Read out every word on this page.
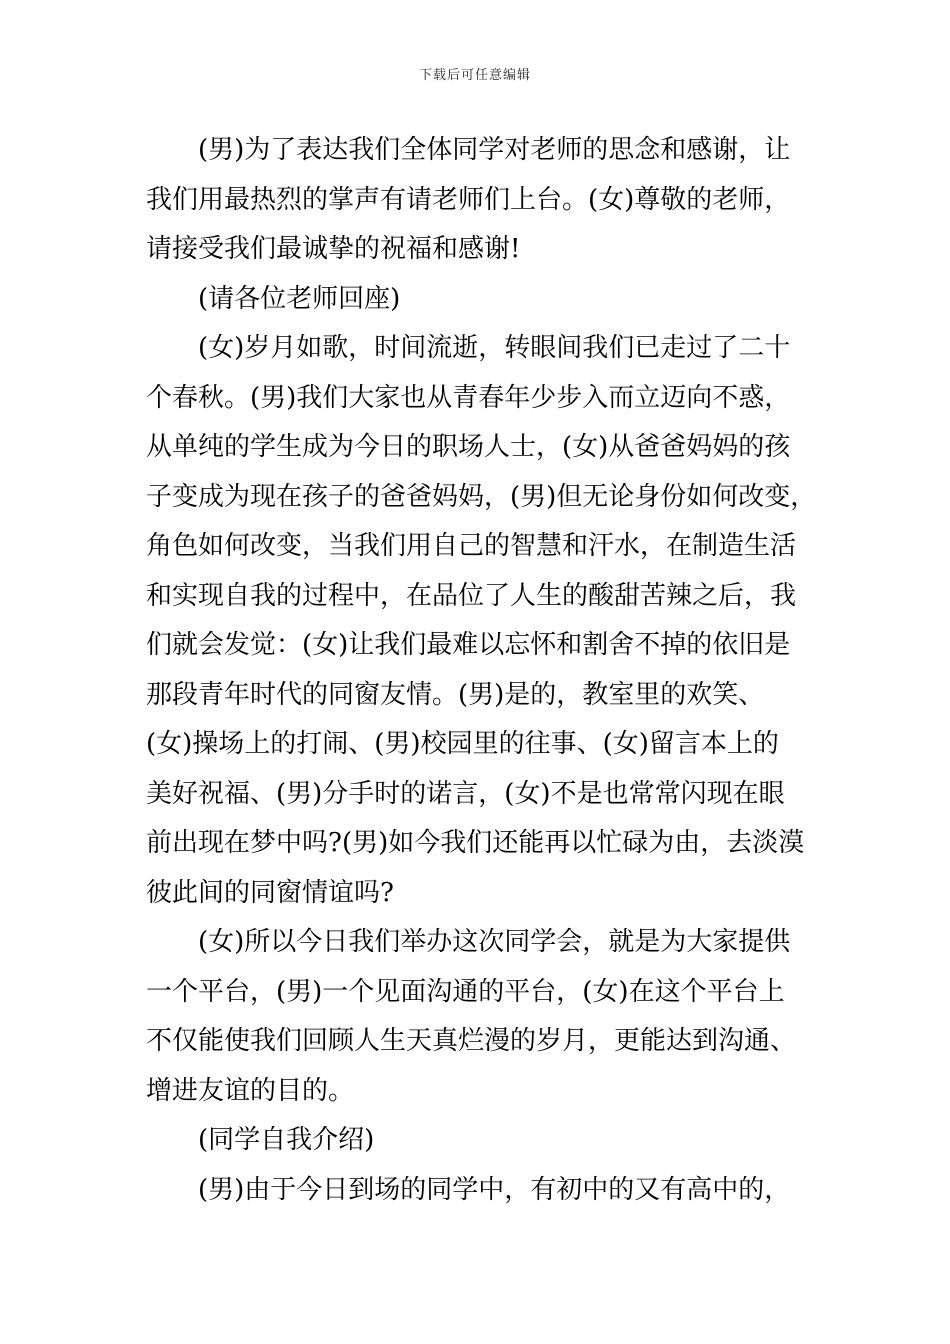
下载后可任意编辑
(男)为了表达我们全体同学对老师的思念和感谢，让
我们用最热烈的掌声有请老师们上台。(女)尊敬的老师，
请接受我们最诚挚的祝福和感谢!
(请各位老师回座)
(女)岁月如歌，时间流逝，转眼间我们已走过了二十
个春秋。(男)我们大家也从青春年少步入而立迈向不惑，
从单纯的学生成为今日的职场人士，(女)从爸爸妈妈的孩
子变成为现在孩子的爸爸妈妈，(男)但无论身份如何改变，
角色如何改变，当我们用自己的智慧和汗水，在制造生活
和实现自我的过程中，在品位了人生的酸甜苦辣之后，我
们就会发觉：(女)让我们最难以忘怀和割舍不掉的依旧是
那段青年时代的同窗友情。(男)是的，教室里的欢笑、
(女)操场上的打闹、(男)校园里的往事、(女)留言本上的
美好祝福、(男)分手时的诺言，(女)不是也常常闪现在眼
前出现在梦中吗?(男)如今我们还能再以忙碌为由，去淡漠
彼此间的同窗情谊吗?
(女)所以今日我们举办这次同学会，就是为大家提供
一个平台，(男)一个见面沟通的平台，(女)在这个平台上
不仅能使我们回顾人生天真烂漫的岁月，更能达到沟通、
增进友谊的目的。
(同学自我介绍)
(男)由于今日到场的同学中，有初中的又有高中的，
